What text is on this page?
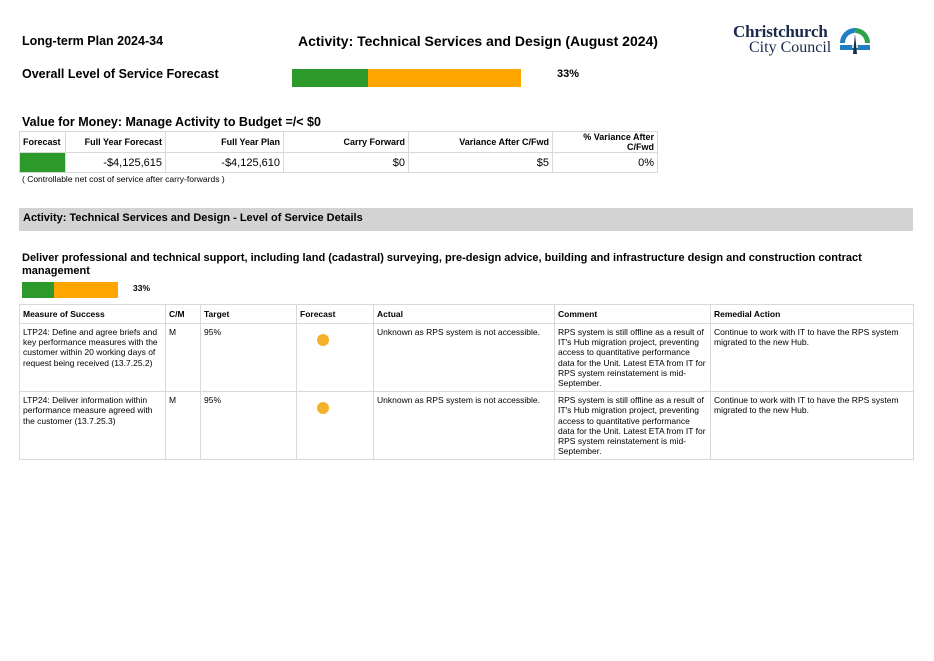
Long-term Plan 2024-34	Activity: Technical Services and Design (August 2024)	Christchurch
City Council
Overall Level of Service Forecast	33%
Value for Money: Manage Activity to Budget =/< $0
Forecast	Full Year Forecast	Full Year Plan	Carry Forward	Variance After C/Fwd	% Variance After C/Fwd
	-$4,125,615	-$4,125,610	$0	$5	0%
( Controllable net cost of service after carry-forwards )
Activity: Technical Services and Design - Level of Service Details
Deliver professional and technical support, including land (cadastral) surveying, pre-design advice, building and infrastructure design and construction contract management
33%
Measure of Success	C/M	Target	Forecast	Actual	Comment	Remedial Action
LTP24: Define and agree briefs and key performance measures with the customer within 20 working days of request being received (13.7.25.2)	M	95%		Unknown as RPS system is not accessible.	RPS system is still offline as a result of IT's Hub migration project, preventing access to quantitative performance data for the Unit. Latest ETA from IT for RPS system reinstatement is mid-September.	Continue to work with IT to have the RPS system migrated to the new Hub.
LTP24: Deliver information within performance measure agreed with the customer (13.7.25.3)	M	95%		Unknown as RPS system is not accessible.	RPS system is still offline as a result of IT's Hub migration project, preventing access to quantitative performance data for the Unit. Latest ETA from IT for RPS system reinstatement is mid-September.	Continue to work with IT to have the RPS system migrated to the new Hub.
